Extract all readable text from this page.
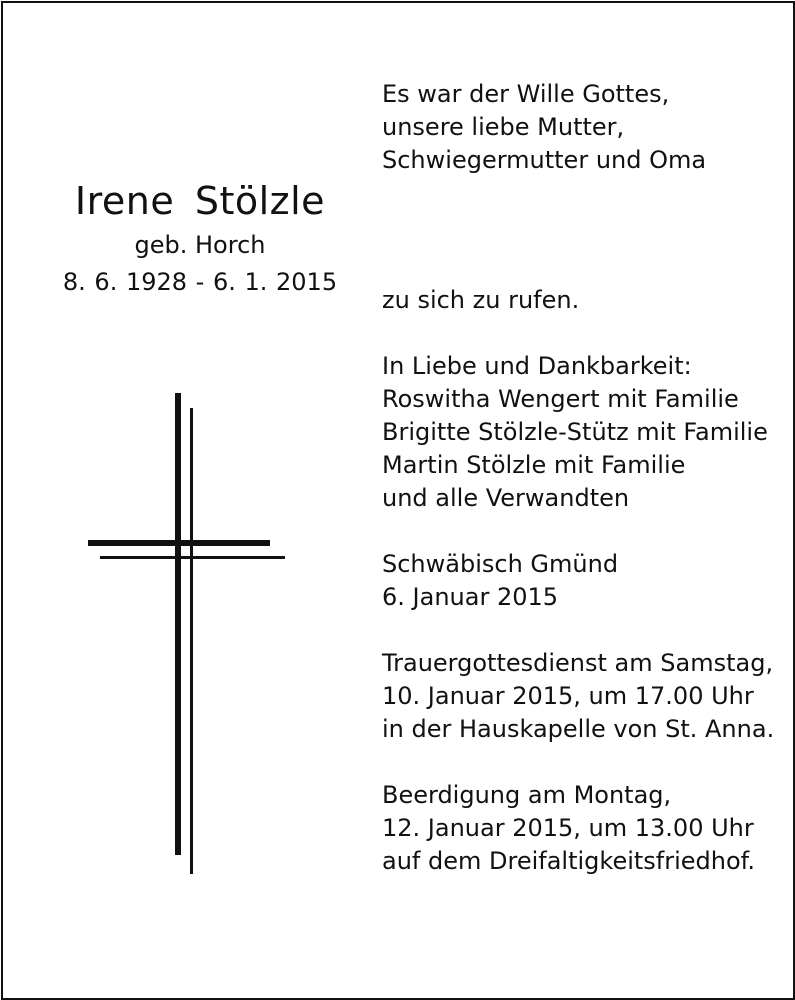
Irene Stölzle
geb. Horch
8. 6. 1928 - 6. 1. 2015

Es war der Wille Gottes,
unsere liebe Mutter,
Schwiegermutter und Oma

zu sich zu rufen.

In Liebe und Dankbarkeit:
Roswitha Wengert mit Familie
Brigitte Stölzle-Stütz mit Familie
Martin Stölzle mit Familie
und alle Verwandten

Schwäbisch Gmünd
6. Januar 2015

Trauergottesdienst am Samstag,
10. Januar 2015, um 17.00 Uhr
in der Hauskapelle von St. Anna.

Beerdigung am Montag,
12. Januar 2015, um 13.00 Uhr
auf dem Dreifaltigkeitsfriedhof.
